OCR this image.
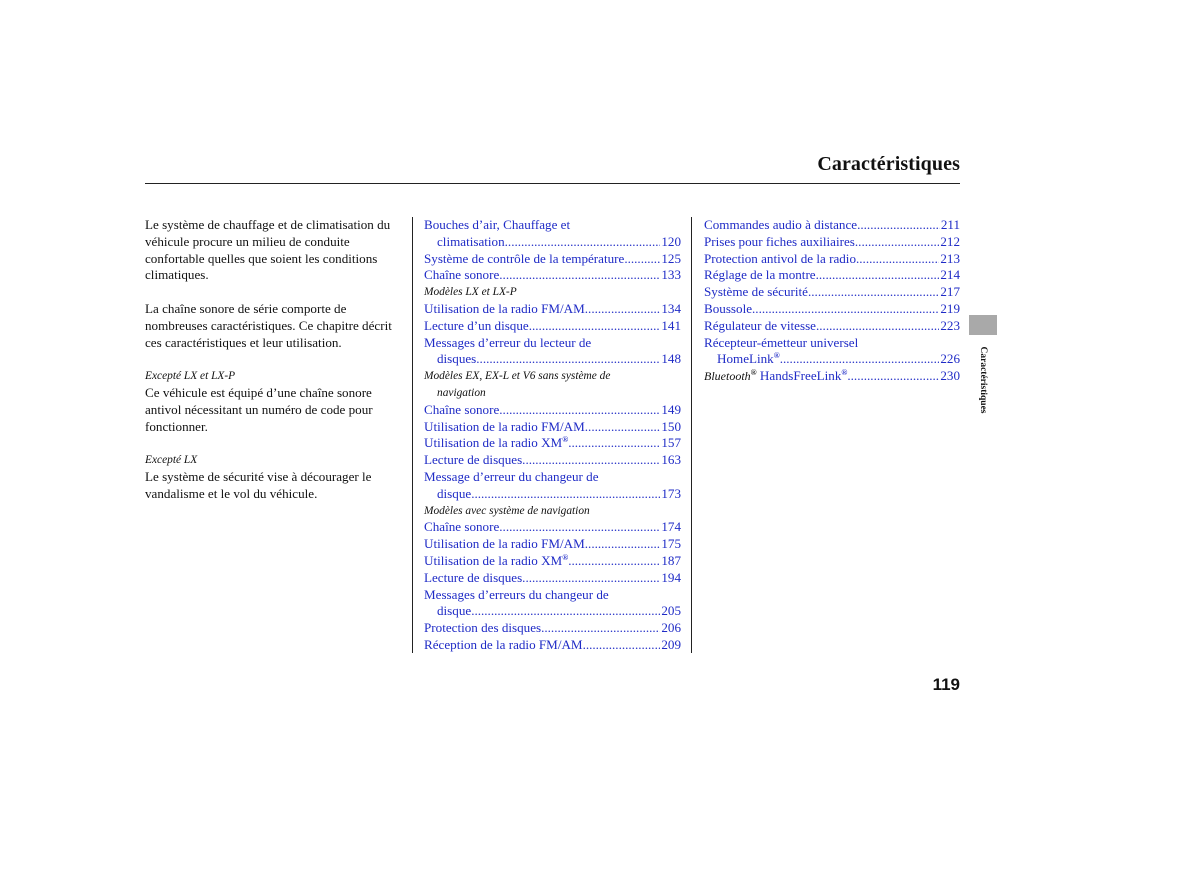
Caractéristiques

Le système de chauffage et de climatisation du véhicule procure un milieu de conduite confortable quelles que soient les conditions climatiques.

La chaîne sonore de série comporte de nombreuses caractéristiques. Ce chapitre décrit ces caractéristiques et leur utilisation.

Excepté LX et LX-P

Ce véhicule est équipé d’une chaîne sonore antivol nécessitant un numéro de code pour fonctionner.

Excepté LX

Le système de sécurité vise à décourager le vandalisme et le vol du véhicule.

Bouches d’air, Chauffage et
climatisation .....	120
Système de contrôle de la température .....	125
Chaîne sonore .....	133
Modèles LX et LX-P
Utilisation de la radio FM/AM .....	134
Lecture d’un disque .....	141
Messages d’erreur du lecteur de
disques .....	148
Modèles EX, EX-L et V6 sans système de
navigation
Chaîne sonore .....	149
Utilisation de la radio FM/AM .....	150
Utilisation de la radio XM® .....	157
Lecture de disques .....	163
Message d’erreur du changeur de
disque .....	173
Modèles avec système de navigation
Chaîne sonore .....	174
Utilisation de la radio FM/AM .....	175
Utilisation de la radio XM® .....	187
Lecture de disques .....	194
Messages d’erreurs du changeur de
disque .....	205
Protection des disques .....	206
Réception de la radio FM/AM .....	209
Commandes audio à distance .....	211
Prises pour fiches auxiliaires .....	212
Protection antivol de la radio .....	213
Réglage de la montre .....	214
Système de sécurité .....	217
Boussole .....	219
Régulateur de vitesse .....	223
Récepteur-émetteur universel
HomeLink® .....	226
Bluetooth® HandsFreeLink® .....	230 Caractéristiques
119
